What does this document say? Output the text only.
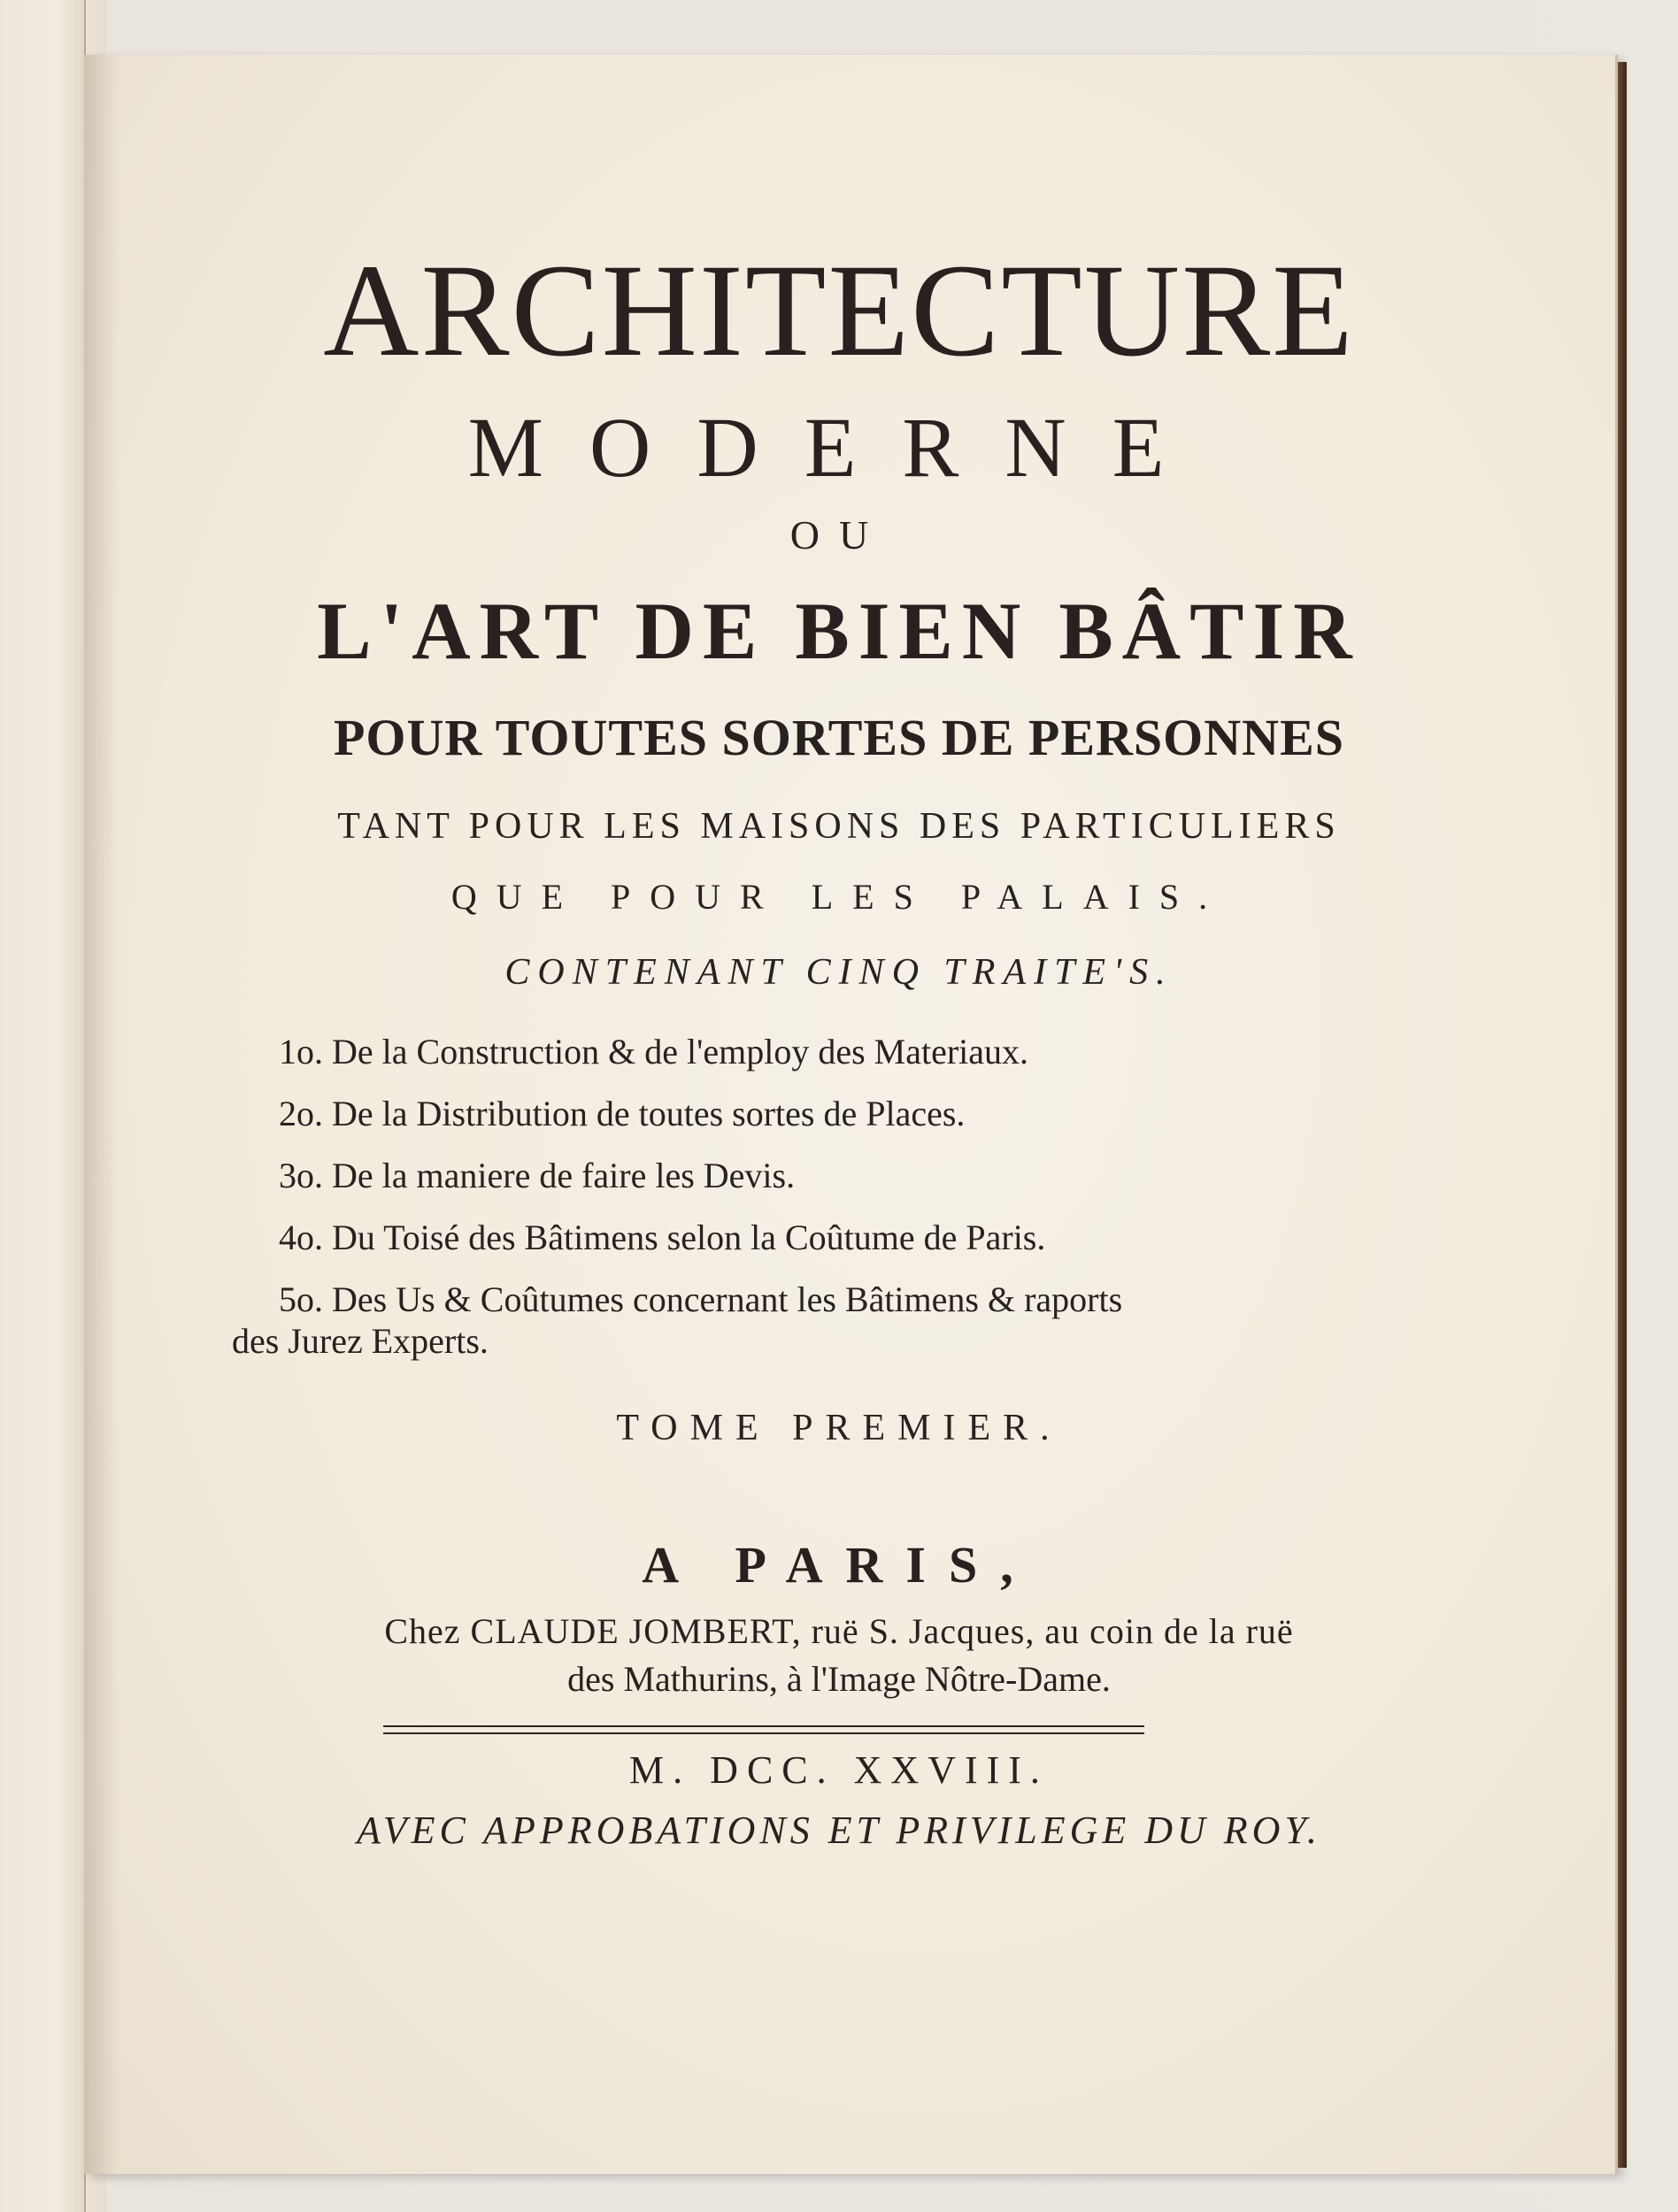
ARCHITECTURE
MODERNE
OU
L'ART DE BIEN BÂTIR
POUR TOUTES SORTES DE PERSONNES
TANT POUR LES MAISONS DES PARTICULIERS
QUE POUR LES PALAIS.
CONTENANT CINQ TRAITE'S.
1o. De la Construction & de l'employ des Materiaux.
2o. De la Distribution de toutes sortes de Places.
3o. De la maniere de faire les Devis.
4o. Du Toisé des Bâtimens selon la Coûtume de Paris.
5o. Des Us & Coûtumes concernant les Bâtimens & raports
des Jurez Experts.
TOME PREMIER.
A PARIS,
Chez CLAUDE JOMBERT, ruë S. Jacques, au coin de la ruë
des Mathurins, à l'Image Nôtre-Dame.
M. DCC. XXVIII.
AVEC APPROBATIONS ET PRIVILEGE DU ROY.
